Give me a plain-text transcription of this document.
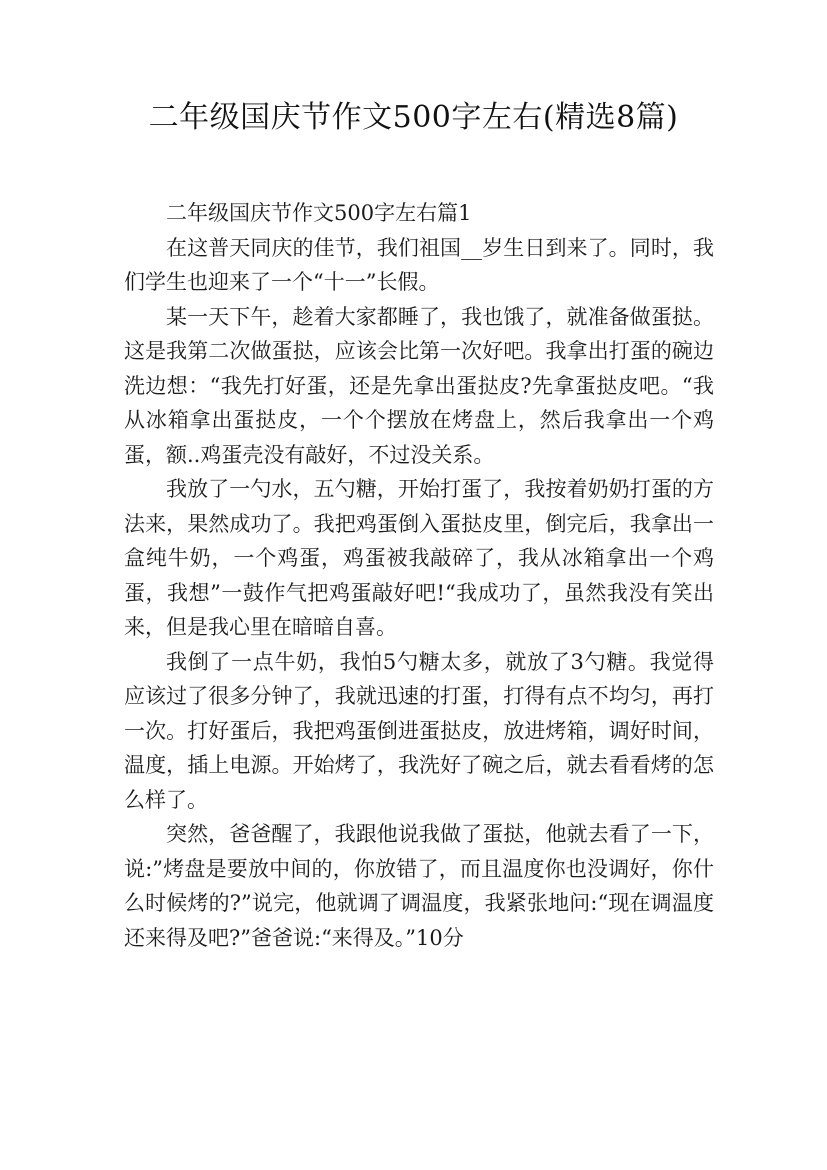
二年级国庆节作文500字左右(精选8篇)

二年级国庆节作文500字左右篇1

在这普天同庆的佳节，我们祖国__岁生日到来了。同时，我们学生也迎来了一个“十一”长假。

某一天下午，趁着大家都睡了，我也饿了，就准备做蛋挞。这是我第二次做蛋挞，应该会比第一次好吧。我拿出打蛋的碗边洗边想：“我先打好蛋，还是先拿出蛋挞皮?先拿蛋挞皮吧。“我从冰箱拿出蛋挞皮，一个个摆放在烤盘上，然后我拿出一个鸡蛋，额..鸡蛋壳没有敲好，不过没关系。

我放了一勺水，五勺糖，开始打蛋了，我按着奶奶打蛋的方法来，果然成功了。我把鸡蛋倒入蛋挞皮里，倒完后，我拿出一盒纯牛奶，一个鸡蛋，鸡蛋被我敲碎了，我从冰箱拿出一个鸡蛋，我想”一鼓作气把鸡蛋敲好吧!“我成功了，虽然我没有笑出来，但是我心里在暗暗自喜。

我倒了一点牛奶，我怕5勺糖太多，就放了3勺糖。我觉得应该过了很多分钟了，我就迅速的打蛋，打得有点不均匀，再打一次。打好蛋后，我把鸡蛋倒进蛋挞皮，放进烤箱，调好时间，温度，插上电源。开始烤了，我洗好了碗之后，就去看看烤的怎么样了。

突然，爸爸醒了，我跟他说我做了蛋挞，他就去看了一下，说:”烤盘是要放中间的，你放错了，而且温度你也没调好，你什么时候烤的?”说完，他就调了调温度，我紧张地问:“现在调温度还来得及吧?”爸爸说:“来得及。”10分
